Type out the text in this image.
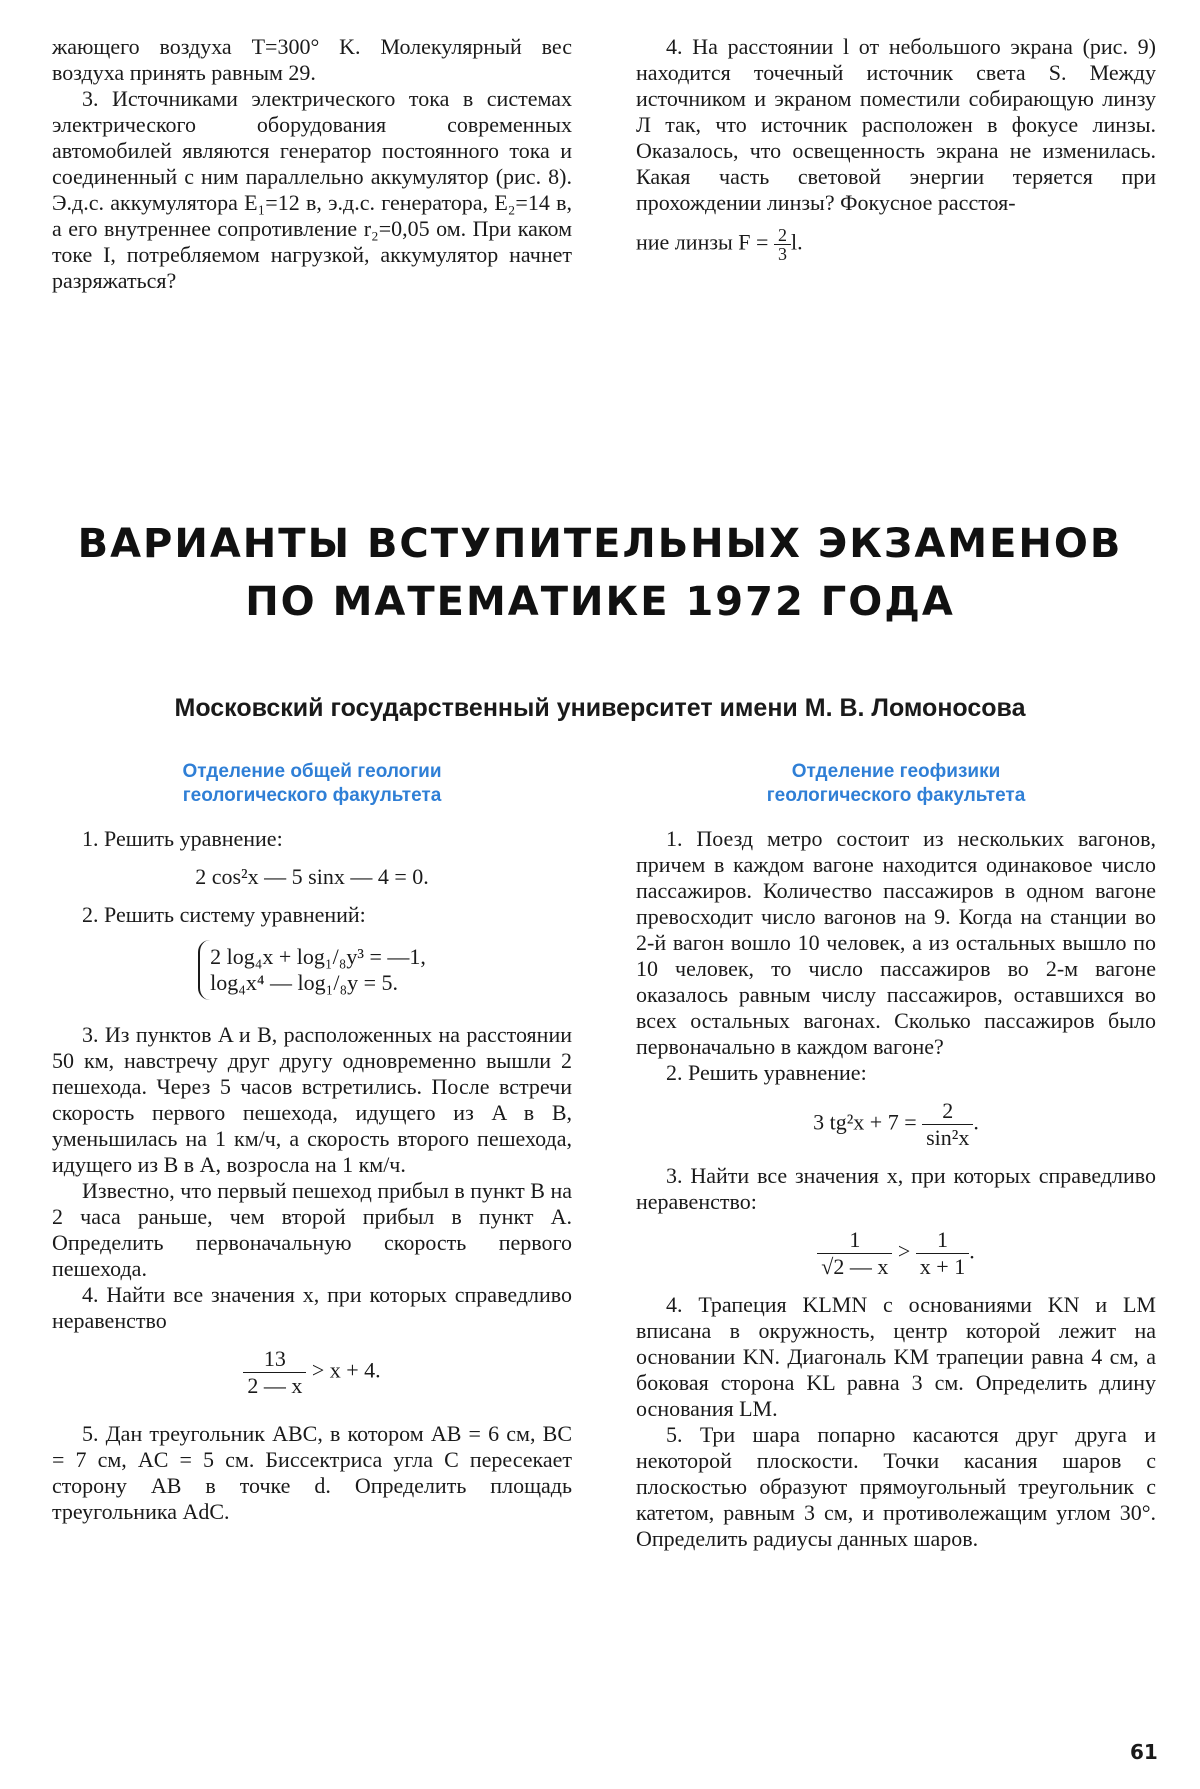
жающего воздуха T=300° K. Молекулярный вес воздуха принять равным 29.

3. Источниками электрического тока в системах электрического оборудования современных автомобилей являются генератор постоянного тока и соединенный с ним параллельно аккумулятор (рис. 8). Э.д.с. аккумулятора E₁=12 в, э.д.с. генератора, E₂=14 в, а его внутреннее сопротивление r₂=0,05 ом. При каком токе I, потребляемом нагрузкой, аккумулятор начнет разряжаться?

4. На расстоянии l от небольшого экрана (рис. 9) находится точечный источник света S. Между источником и экраном поместили собирающую линзу Л так, что источник расположен в фокусе линзы. Оказалось, что освещенность экрана не изменилась. Какая часть световой энергии теряется при прохождении линзы? Фокусное расстоя-

ние линзы $F = \frac{2}{3} l$.

ВАРИАНТЫ ВСТУПИТЕЛЬНЫХ ЭКЗАМЕНОВ
ПО МАТЕМАТИКЕ 1972 ГОДА
Московский государственный университет имени М. В. Ломоносова
Отделение общей геологии
геологического факультета

1. Решить уравнение:

2 cos²x — 5 sinx — 4 = 0.

2. Решить систему уравнений:

2 log₄x + log₁/₈y³ = —1,
log₄x⁴ — log₁/₈y = 5.

3. Из пунктов A и B, расположенных на расстоянии 50 км, навстречу друг другу одновременно вышли 2 пешехода. Через 5 часов встретились. После встречи скорость первого пешехода, идущего из A в B, уменьшилась на 1 км/ч, а скорость второго пешехода, идущего из B в A, возросла на 1 км/ч.

Известно, что первый пешеход прибыл в пункт B на 2 часа раньше, чем второй прибыл в пункт A. Определить первоначальную скорость первого пешехода.

4. Найти все значения x, при которых справедливо неравенство

$\frac{13}{2 — x} > x + 4$.

5. Дан треугольник ABC, в котором AB = 6 см, BC = 7 см, AC = 5 см. Биссектриса угла C пересекает сторону AB в точке d. Определить площадь треугольника AdC.

Отделение геофизики
геологического факультета

1. Поезд метро состоит из нескольких вагонов, причем в каждом вагоне находится одинаковое число пассажиров. Количество пассажиров в одном вагоне превосходит число вагонов на 9. Когда на станции во 2-й вагон вошло 10 человек, а из остальных вышло по 10 человек, то число пассажиров во 2-м вагоне оказалось равным числу пассажиров, оставшихся во всех остальных вагонах. Сколько пассажиров было первоначально в каждом вагоне?

2. Решить уравнение:

3 $tg^2x + 7 = \frac{2}{\text{sin²x}}$ .

3. Найти все значения x, при которых справедливо неравенство:

$\frac{1}{√2 — x} > \frac{1}{x + 1}$ .

4. Трапеция KLMN с основаниями KN и LM вписана в окружность, центр которой лежит на основании KN. Диагональ KM трапеции равна 4 см, а боковая сторона KL равна 3 см. Определить длину основания LM.

5. Три шара попарно касаются друг друга и некоторой плоскости. Точки касания шаров с плоскостью образуют прямоугольный треугольник с катетом, равным 3 см, и противолежащим углом 30°. Определить радиусы данных шаров.

61
